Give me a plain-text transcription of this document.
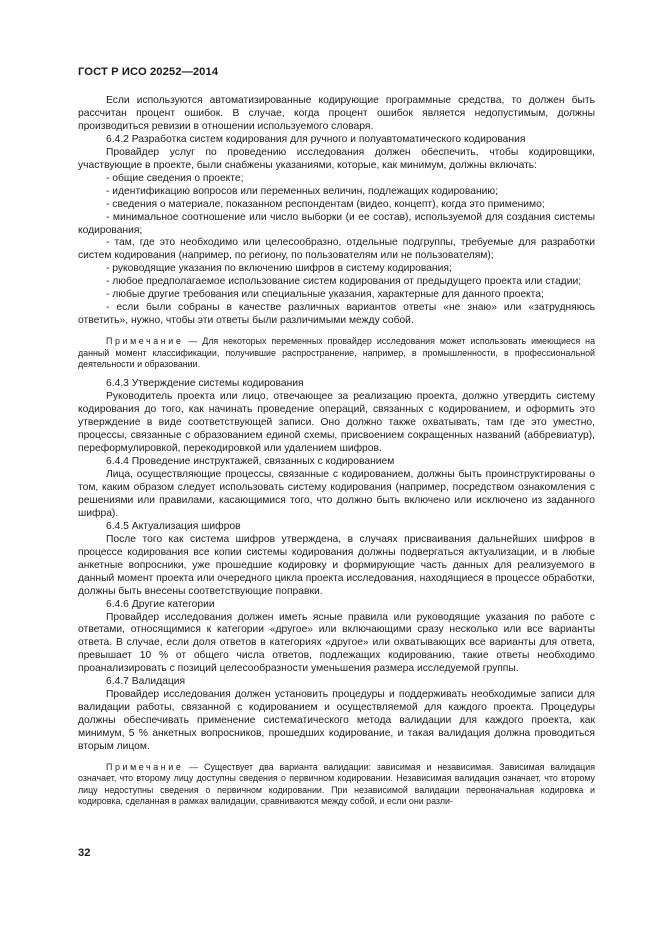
ГОСТ Р ИСО 20252—2014

Если используются автоматизированные кодирующие программные средства, то должен быть рассчитан процент ошибок. В случае, когда процент ошибок является недопустимым, должны производиться ревизии в отношении используемого словаря.

6.4.2 Разработка систем кодирования для ручного и полуавтоматического кодирования

Провайдер услуг по проведению исследования должен обеспечить, чтобы кодировщики, участвующие в проекте, были снабжены указаниями, которые, как минимум, должны включать:

- общие сведения о проекте;

- идентификацию вопросов или переменных величин, подлежащих кодированию;

- сведения о материале, показанном респондентам (видео, концепт), когда это применимо;

- минимальное соотношение или число выборки (и ее состав), используемой для создания системы кодирования;

- там, где это необходимо или целесообразно, отдельные подгруппы, требуемые для разработки систем кодирования (например, по региону, по пользователям или не пользователям);

- руководящие указания по включению шифров в систему кодирования;

- любое предполагаемое использование систем кодирования от предыдущего проекта или стадии;

- любые другие требования или специальные указания, характерные для данного проекта;

- если были собраны в качестве различных вариантов ответы «не знаю» или «затрудняюсь ответить», нужно, чтобы эти ответы были различимыми между собой.

Примечание — Для некоторых переменных провайдер исследования может использовать имеющиеся на данный момент классификации, получившие распространение, например, в промышленности, в профессиональной деятельности и образовании.

6.4.3 Утверждение системы кодирования

Руководитель проекта или лицо, отвечающее за реализацию проекта, должно утвердить систему кодирования до того, как начинать проведение операций, связанных с кодированием, и оформить это утверждение в виде соответствующей записи. Оно должно также охватывать, там где это уместно, процессы, связанные с образованием единой схемы, присвоением сокращенных названий (аббревиатур), переформулировкой, перекодировкой или удалением шифров.

6.4.4 Проведение инструктажей, связанных с кодированием

Лица, осуществляющие процессы, связанные с кодированием, должны быть проинструктированы о том, каким образом следует использовать систему кодирования (например, посредством ознакомления с решениями или правилами, касающимися того, что должно быть включено или исключено из заданного шифра).

6.4.5 Актуализация шифров

После того как система шифров утверждена, в случаях присваивания дальнейших шифров в процессе кодирования все копии системы кодирования должны подвергаться актуализации, и в любые анкетные вопросники, уже прошедшие кодировку и формирующие часть данных для реализуемого в данный момент проекта или очередного цикла проекта исследования, находящиеся в процессе обработки, должны быть внесены соответствующие поправки.

6.4.6 Другие категории

Провайдер исследования должен иметь ясные правила или руководящие указания по работе с ответами, относящимися к категории «другое» или включающими сразу несколько или все варианты ответа. В случае, если доля ответов в категориях «другое» или охватывающих все варианты для ответа, превышает 10 % от общего числа ответов, подлежащих кодированию, такие ответы необходимо проанализировать с позиций целесообразности уменьшения размера исследуемой группы.

6.4.7 Валидация

Провайдер исследования должен установить процедуры и поддерживать необходимые записи для валидации работы, связанной с кодированием и осуществляемой для каждого проекта. Процедуры должны обеспечивать применение систематического метода валидации для каждого проекта, как минимум, 5 % анкетных вопросников, прошедших кодирование, и такая валидация должна проводиться вторым лицом.

Примечание — Существует два варианта валидации: зависимая и независимая. Зависимая валидация означает, что второму лицу доступны сведения о первичном кодировании. Независимая валидация означает, что второму лицу недоступны сведения о первичном кодировании. При независимой валидации первоначальная кодировка и кодировка, сделанная в рамках валидации, сравниваются между собой, и если они разли-

32
